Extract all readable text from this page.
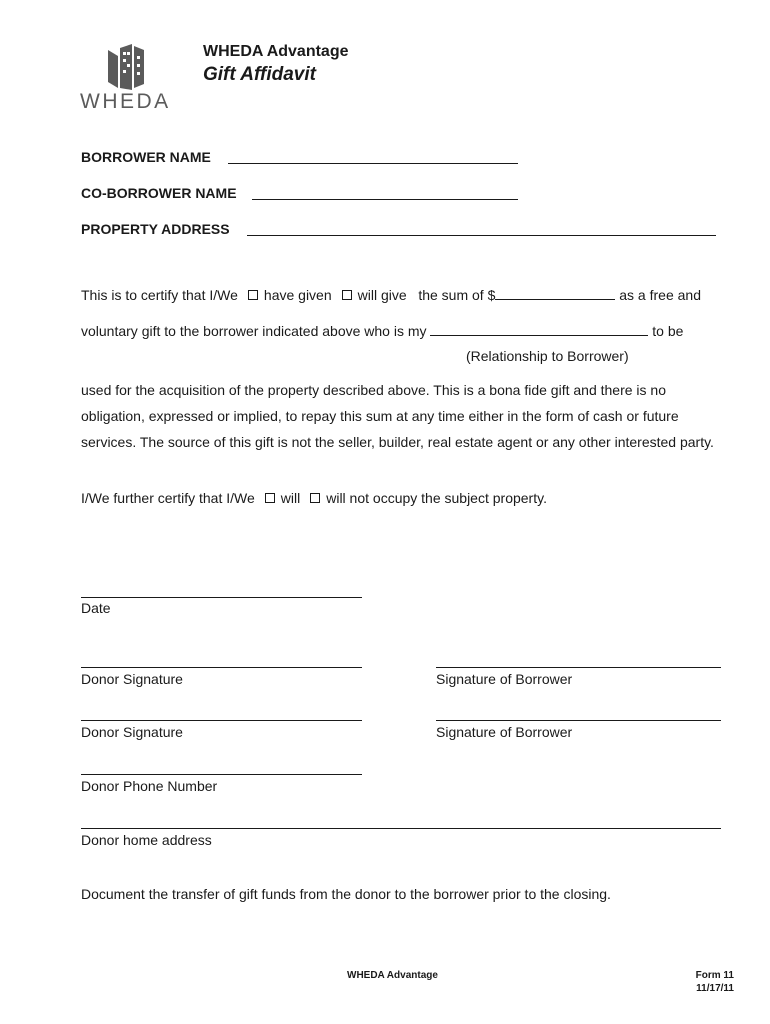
WHEDA
WHEDA Advantage
Gift Affidavit
BORROWER NAME
CO-BORROWER NAME
PROPERTY ADDRESS
This is to certify that I/We have given will give the sum of $	as a free and
voluntary gift to the borrower indicated above who is my	to be
(Relationship to Borrower)
used for the acquisition of the property described above. This is a bona fide gift and there is no
obligation, expressed or implied, to repay this sum at any time either in the form of cash or future
services. The source of this gift is not the seller, builder, real estate agent or any other interested party.
I/We further certify that I/We will will not occupy the subject property.
Date
Donor Signature	Signature of Borrower
Donor Signature	Signature of Borrower
Donor Phone Number
Donor home address
Document the transfer of gift funds from the donor to the borrower prior to the closing.
WHEDA Advantage	Form 11
11/17/11
